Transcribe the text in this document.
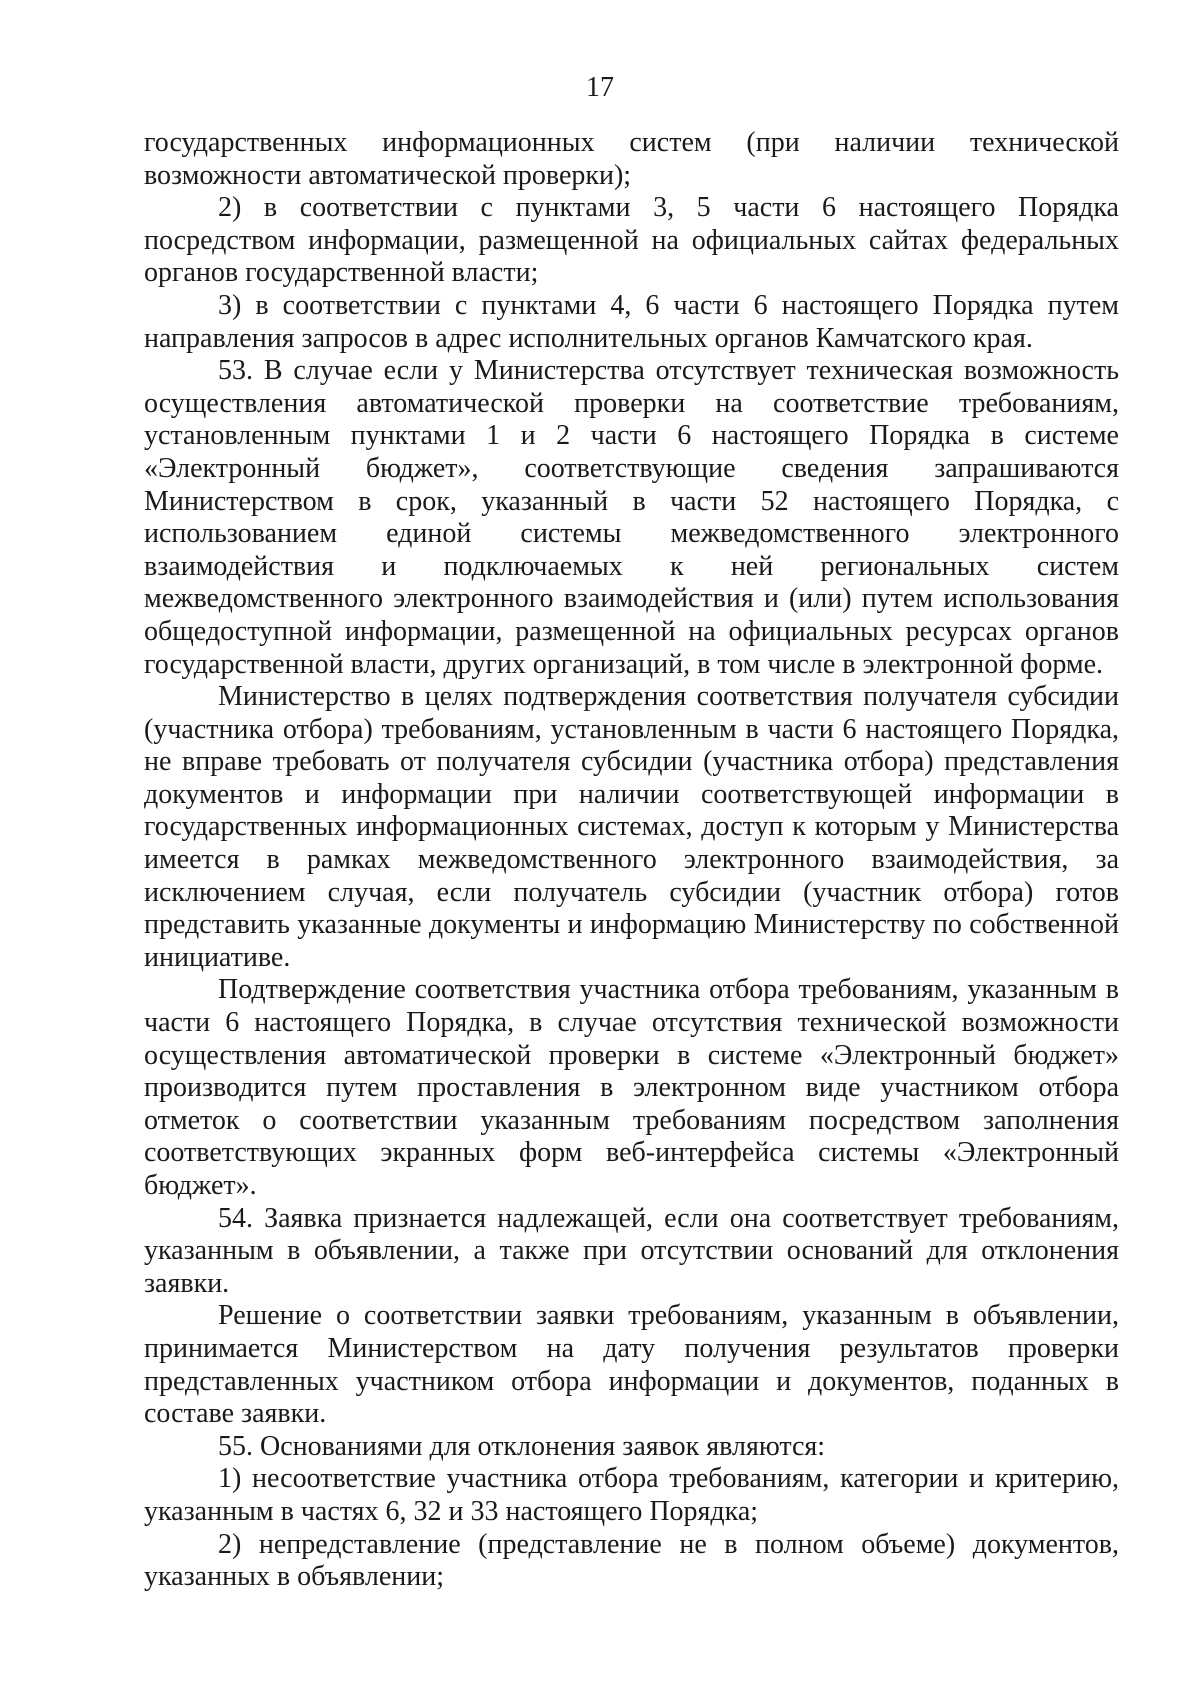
17

государственных информационных систем (при наличии технической возможности автоматической проверки);

2) в соответствии с пунктами 3, 5 части 6 настоящего Порядка посредством информации, размещенной на официальных сайтах федеральных органов государственной власти;

3) в соответствии с пунктами 4, 6 части 6 настоящего Порядка путем направления запросов в адрес исполнительных органов Камчатского края.

53. В случае если у Министерства отсутствует техническая возможность осуществления автоматической проверки на соответствие требованиям, установленным пунктами 1 и 2 части 6 настоящего Порядка в системе «Электронный бюджет», соответствующие сведения запрашиваются Министерством в срок, указанный в части 52 настоящего Порядка, с использованием единой системы межведомственного электронного взаимодействия и подключаемых к ней региональных систем межведомственного электронного взаимодействия и (или) путем использования общедоступной информации, размещенной на официальных ресурсах органов государственной власти, других организаций, в том числе в электронной форме.

Министерство в целях подтверждения соответствия получателя субсидии (участника отбора) требованиям, установленным в части 6 настоящего Порядка, не вправе требовать от получателя субсидии (участника отбора) представления документов и информации при наличии соответствующей информации в государственных информационных системах, доступ к которым у Министерства имеется в рамках межведомственного электронного взаимодействия, за исключением случая, если получатель субсидии (участник отбора) готов представить указанные документы и информацию Министерству по собственной инициативе.

Подтверждение соответствия участника отбора требованиям, указанным в части 6 настоящего Порядка, в случае отсутствия технической возможности осуществления автоматической проверки в системе «Электронный бюджет» производится путем проставления в электронном виде участником отбора отметок о соответствии указанным требованиям посредством заполнения соответствующих экранных форм веб-интерфейса системы «Электронный бюджет».

54. Заявка признается надлежащей, если она соответствует требованиям, указанным в объявлении, а также при отсутствии оснований для отклонения заявки.

Решение о соответствии заявки требованиям, указанным в объявлении, принимается Министерством на дату получения результатов проверки представленных участником отбора информации и документов, поданных в составе заявки.

55. Основаниями для отклонения заявок являются:

1) несоответствие участника отбора требованиям, категории и критерию, указанным в частях 6, 32 и 33 настоящего Порядка;

2) непредставление (представление не в полном объеме) документов, указанных в объявлении;
